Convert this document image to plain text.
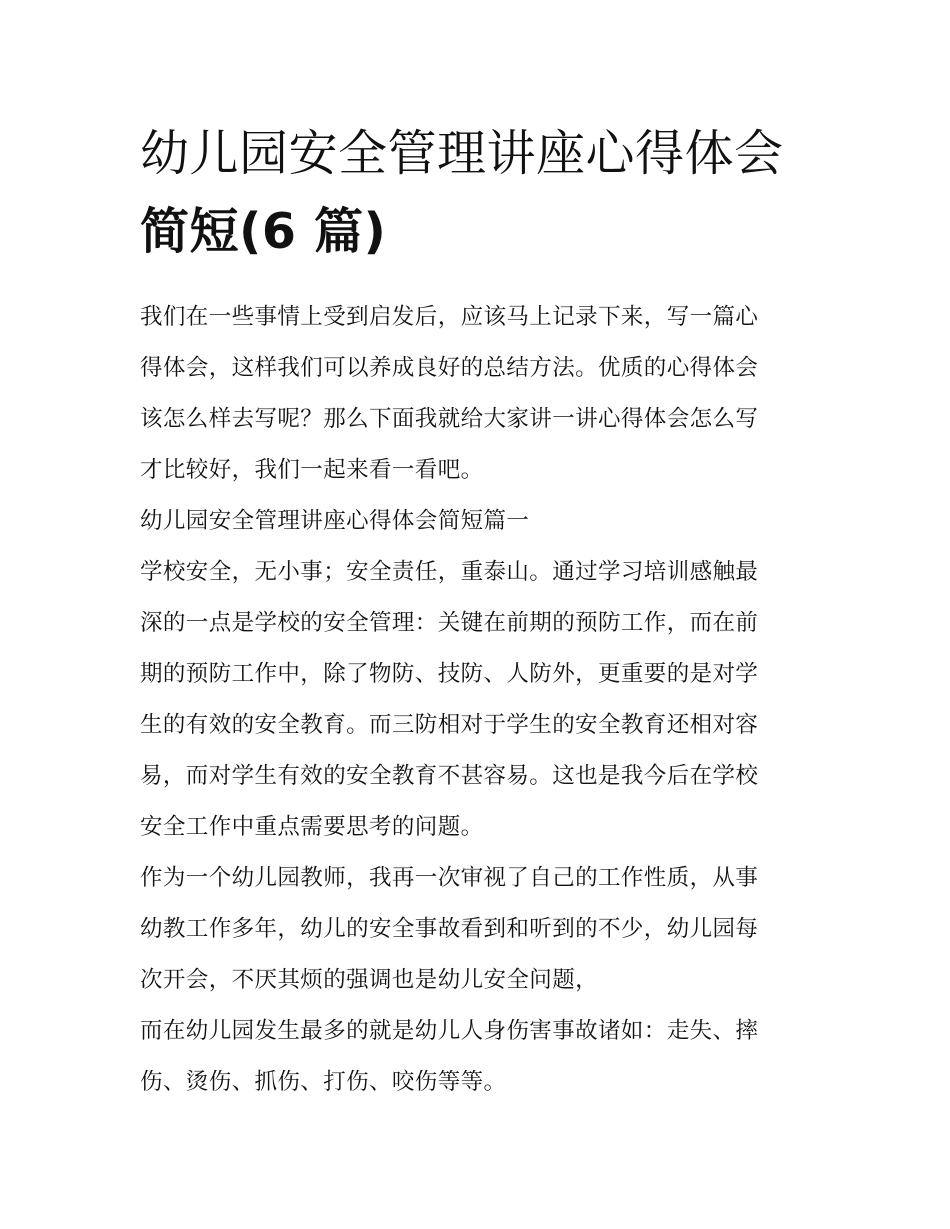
幼儿园安全管理讲座心得体会
简短(6 篇)

我们在一些事情上受到启发后，应该马上记录下来，写一篇心
得体会，这样我们可以养成良好的总结方法。优质的心得体会
该怎么样去写呢？那么下面我就给大家讲一讲心得体会怎么写
才比较好，我们一起来看一看吧。

幼儿园安全管理讲座心得体会简短篇一

学校安全，无小事；安全责任，重泰山。通过学习培训感触最
深的一点是学校的安全管理：关键在前期的预防工作，而在前
期的预防工作中，除了物防、技防、人防外，更重要的是对学
生的有效的安全教育。而三防相对于学生的安全教育还相对容
易，而对学生有效的安全教育不甚容易。这也是我今后在学校
安全工作中重点需要思考的问题。

作为一个幼儿园教师，我再一次审视了自己的工作性质，从事
幼教工作多年，幼儿的安全事故看到和听到的不少，幼儿园每
次开会，不厌其烦的强调也是幼儿安全问题，

而在幼儿园发生最多的就是幼儿人身伤害事故诸如：走失、摔
伤、烫伤、抓伤、打伤、咬伤等等。
